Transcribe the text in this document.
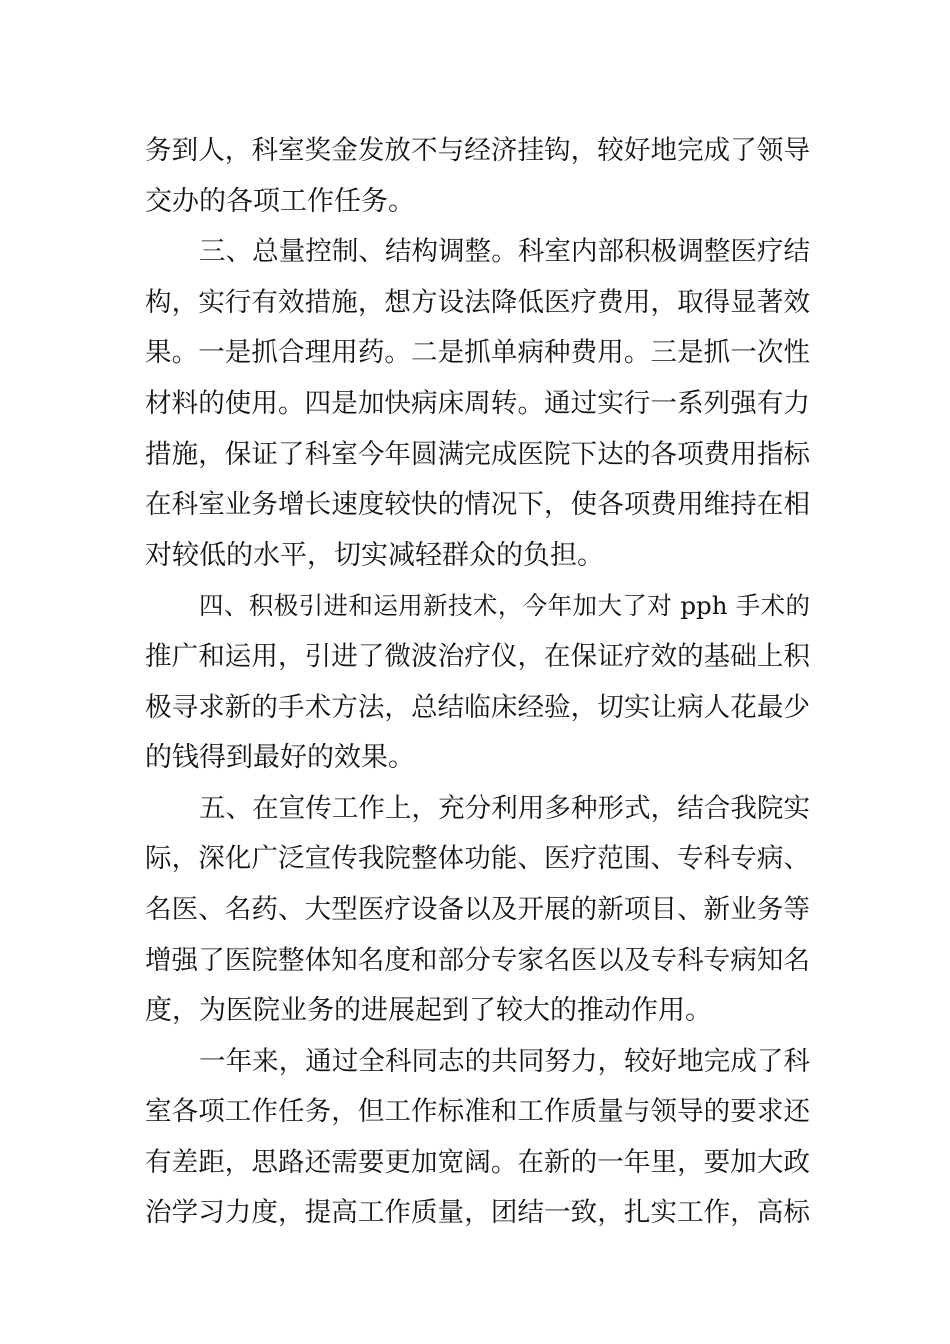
务到人，科室奖金发放不与经济挂钩，较好地完成了领导
交办的各项工作任务。
三、总量控制、结构调整。科室内部积极调整医疗结
构，实行有效措施，想方设法降低医疗费用，取得显著效
果。一是抓合理用药。二是抓单病种费用。三是抓一次性
材料的使用。四是加快病床周转。通过实行一系列强有力
措施，保证了科室今年圆满完成医院下达的各项费用指标
在科室业务增长速度较快的情况下，使各项费用维持在相
对较低的水平，切实减轻群众的负担。
四、积极引进和运用新技术，今年加大了对 pph 手术的
推广和运用，引进了微波治疗仪，在保证疗效的基础上积
极寻求新的手术方法，总结临床经验，切实让病人花最少
的钱得到最好的效果。
五、在宣传工作上，充分利用多种形式，结合我院实
际，深化广泛宣传我院整体功能、医疗范围、专科专病、
名医、名药、大型医疗设备以及开展的新项目、新业务等
增强了医院整体知名度和部分专家名医以及专科专病知名
度，为医院业务的进展起到了较大的推动作用。
一年来，通过全科同志的共同努力，较好地完成了科
室各项工作任务，但工作标准和工作质量与领导的要求还
有差距，思路还需要更加宽阔。在新的一年里，要加大政
治学习力度，提高工作质量，团结一致，扎实工作，高标
